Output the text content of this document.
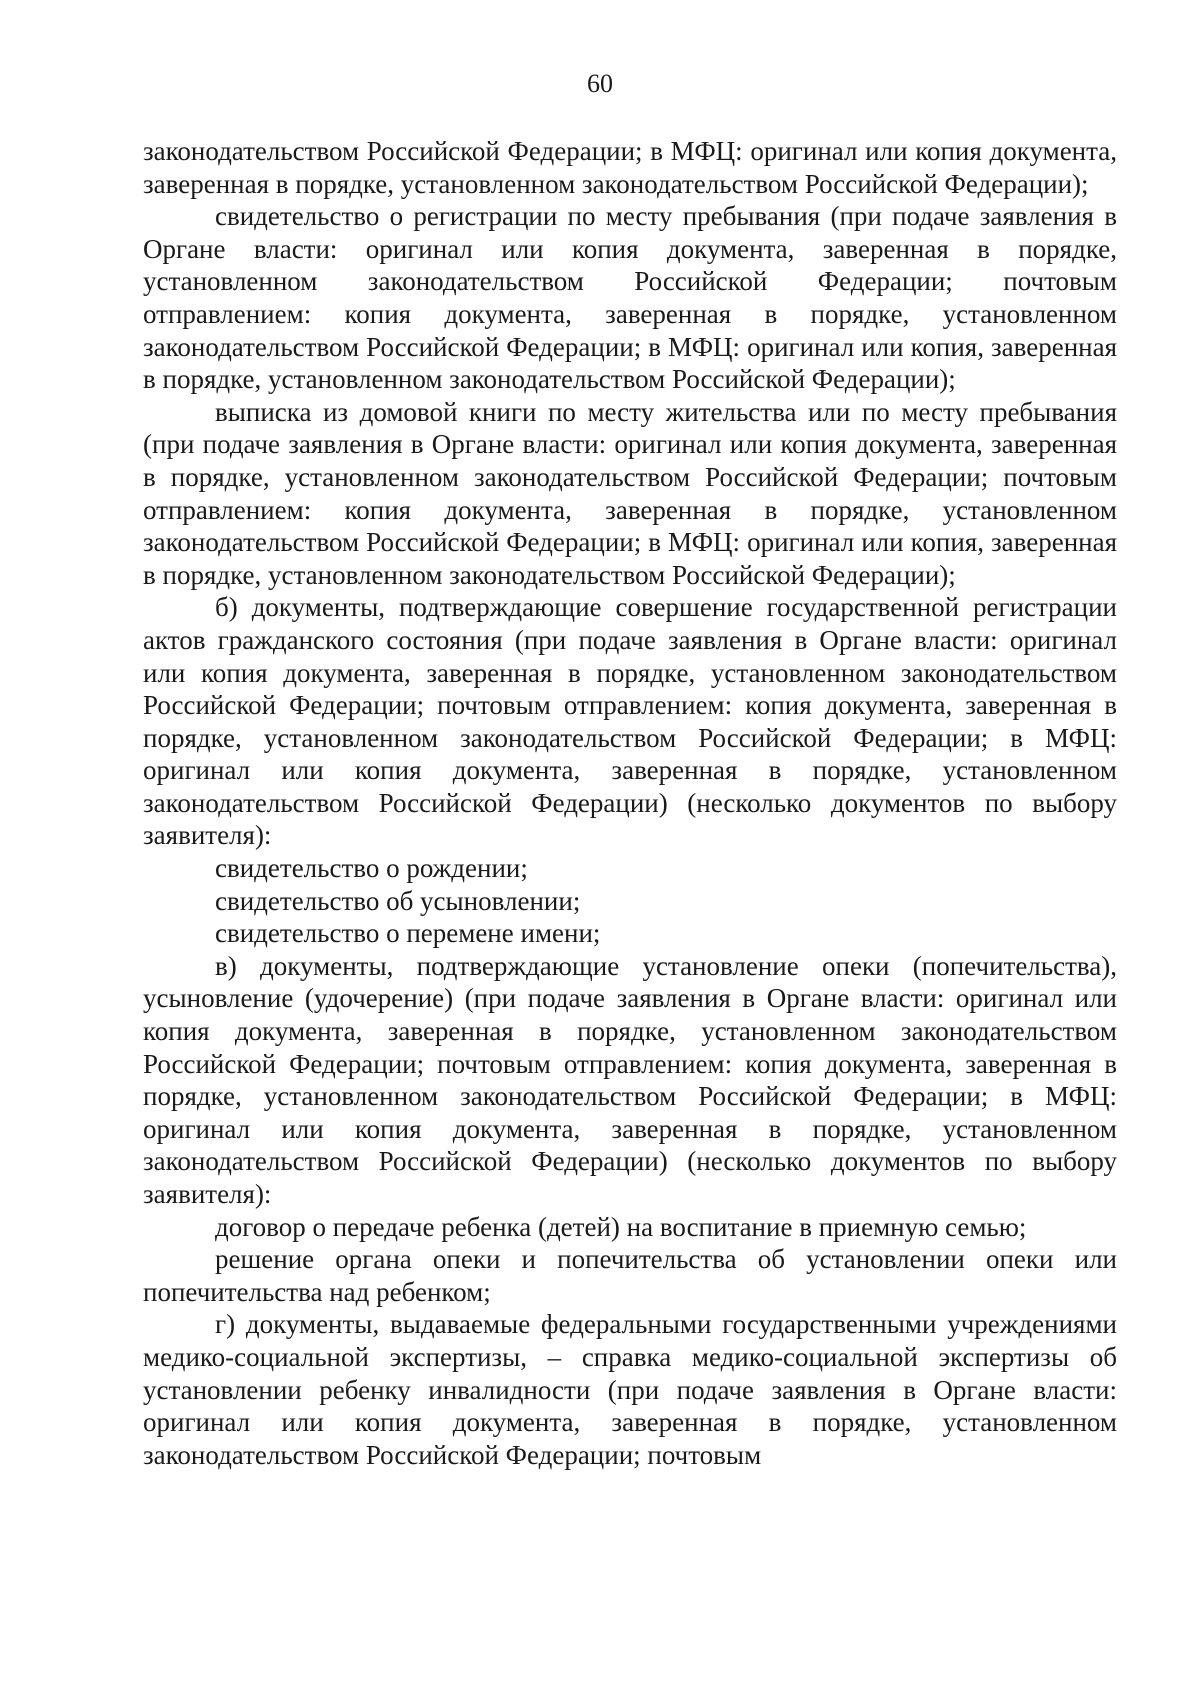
60

законодательством Российской Федерации; в МФЦ: оригинал или копия документа, заверенная в порядке, установленном законодательством Российской Федерации);

свидетельство о регистрации по месту пребывания (при подаче заявления в Органе власти: оригинал или копия документа, заверенная в порядке, установленном законодательством Российской Федерации; почтовым отправлением: копия документа, заверенная в порядке, установленном законодательством Российской Федерации; в МФЦ: оригинал или копия, заверенная в порядке, установленном законодательством Российской Федерации);

выписка из домовой книги по месту жительства или по месту пребывания (при подаче заявления в Органе власти: оригинал или копия документа, заверенная в порядке, установленном законодательством Российской Федерации; почтовым отправлением: копия документа, заверенная в порядке, установленном законодательством Российской Федерации; в МФЦ: оригинал или копия, заверенная в порядке, установленном законодательством Российской Федерации);

б) документы, подтверждающие совершение государственной регистрации актов гражданского состояния (при подаче заявления в Органе власти: оригинал или копия документа, заверенная в порядке, установленном законодательством Российской Федерации; почтовым отправлением: копия документа, заверенная в порядке, установленном законодательством Российской Федерации; в МФЦ: оригинал или копия документа, заверенная в порядке, установленном законодательством Российской Федерации) (несколько документов по выбору заявителя):

свидетельство о рождении;

свидетельство об усыновлении;

свидетельство о перемене имени;

в) документы, подтверждающие установление опеки (попечительства), усыновление (удочерение) (при подаче заявления в Органе власти: оригинал или копия документа, заверенная в порядке, установленном законодательством Российской Федерации; почтовым отправлением: копия документа, заверенная в порядке, установленном законодательством Российской Федерации; в МФЦ: оригинал или копия документа, заверенная в порядке, установленном законодательством Российской Федерации) (несколько документов по выбору заявителя):

договор о передаче ребенка (детей) на воспитание в приемную семью;

решение органа опеки и попечительства об установлении опеки или попечительства над ребенком;

г) документы, выдаваемые федеральными государственными учреждениями медико-социальной экспертизы, – справка медико-социальной экспертизы об установлении ребенку инвалидности (при подаче заявления в Органе власти: оригинал или копия документа, заверенная в порядке, установленном законодательством Российской Федерации; почтовым
